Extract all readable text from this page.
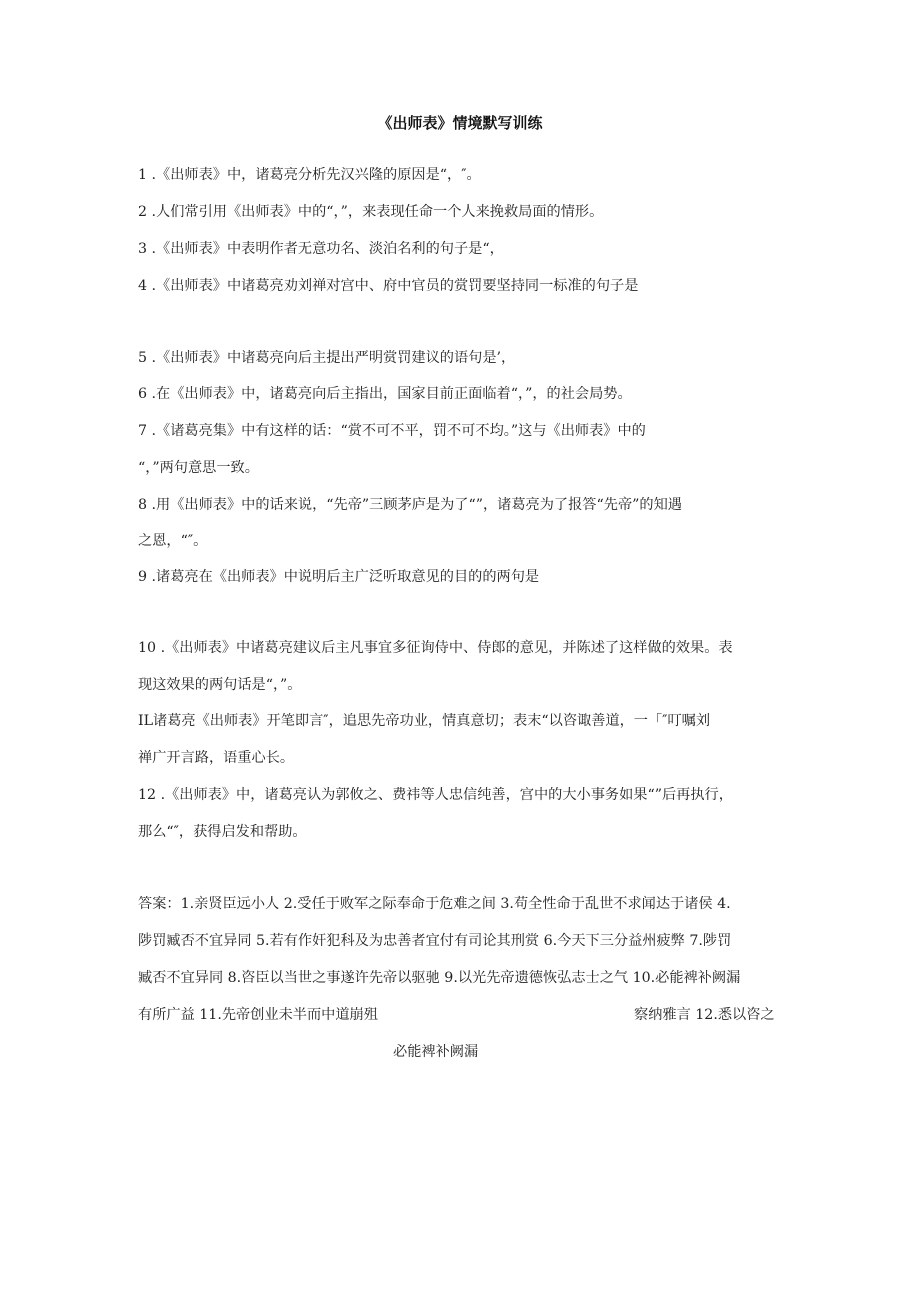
《出师表》情境默写训练
1 .《出师表》中，诸葛亮分析先汉兴隆的原因是“，″。
2 .人们常引用《出师表》中的“，”，来表现任命一个人来挽救局面的情形。
3 .《出师表》中表明作者无意功名、淡泊名利的句子是“，
4 .《出师表》中诸葛亮劝刘禅对宫中、府中官员的赏罚要坚持同一标准的句子是
5 .《出师表》中诸葛亮向后主提出严明赏罚建议的语句是’，
6 .在《出师表》中，诸葛亮向后主指出，国家目前正面临着“，”，的社会局势。
7 .《诸葛亮集》中有这样的话：“赏不可不平，罚不可不均。”这与《出师表》中的
“，”两句意思一致。
8 .用《出师表》中的话来说，“先帝”三顾茅庐是为了“”，诸葛亮为了报答“先帝”的知遇
之恩，“″。
9 .诸葛亮在《出师表》中说明后主广泛听取意见的目的的两句是
10 .《出师表》中诸葛亮建议后主凡事宜多征询侍中、侍郎的意见，并陈述了这样做的效果。表
现这效果的两句话是“，”。
IL诸葛亮《出师表》开笔即言″，追思先帝功业，情真意切；表末“以咨诹善道，一「″叮嘱刘
禅广开言路，语重心长。
12 .《出师表》中，诸葛亮认为郭攸之、费祎等人忠信纯善，宫中的大小事务如果“”后再执行，
那么“″，获得启发和帮助。
答案：1.亲贤臣远小人 2.受任于败军之际奉命于危难之间 3.苟全性命于乱世不求闻达于诸侯 4.
陟罚臧否不宜异同 5.若有作奸犯科及为忠善者宜付有司论其刑赏 6.今天下三分益州疲弊 7.陟罚
臧否不宜异同 8.咨臣以当世之事遂许先帝以驱驰 9.以光先帝遗德恢弘志士之气 10.必能裨补阙漏
有所广益 11.先帝创业未半而中道崩殂	察纳雅言 12.悉以咨之
必能裨补阙漏
